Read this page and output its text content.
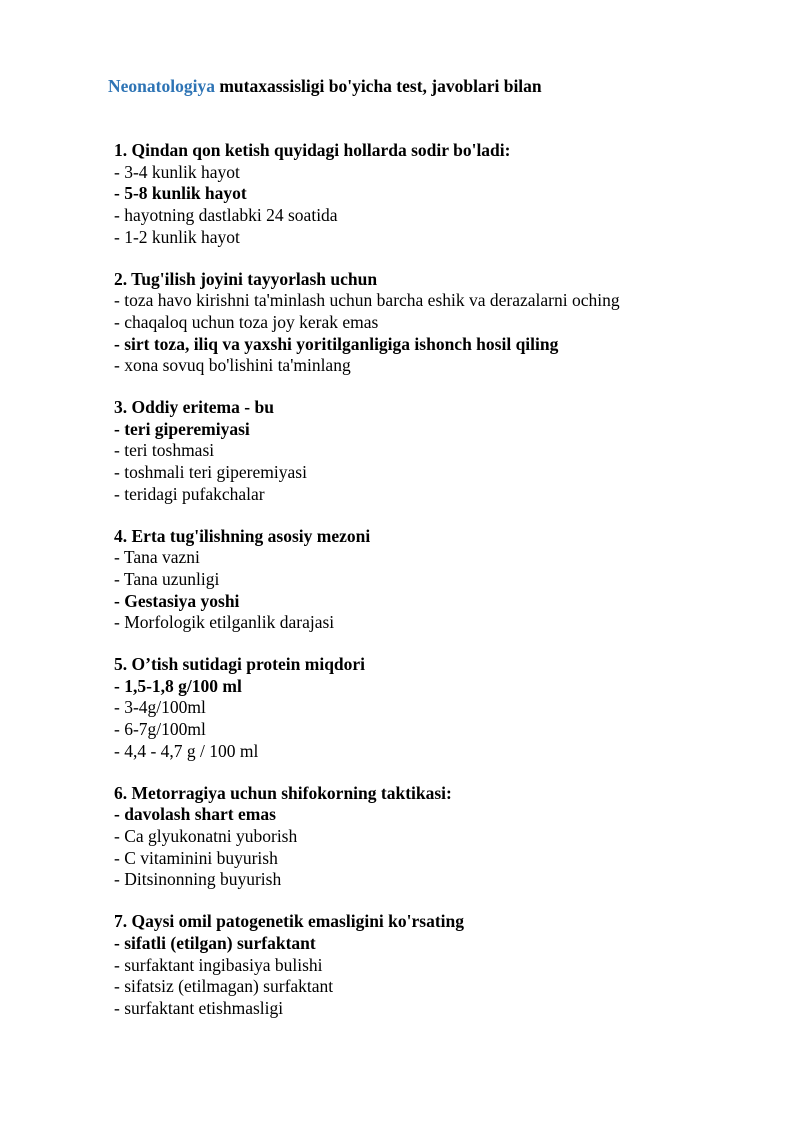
Neonatologiya mutaxassisligi bo'yicha test, javoblari bilan
1. Qindan qon ketish quyidagi hollarda sodir bo'ladi:
- 3-4 kunlik hayot
- 5-8 kunlik hayot
- hayotning dastlabki 24 soatida
- 1-2 kunlik hayot
2. Tug'ilish joyini tayyorlash uchun
- toza havo kirishni ta'minlash uchun barcha eshik va derazalarni oching
- chaqaloq uchun toza joy kerak emas
- sirt toza, iliq va yaxshi yoritilganligiga ishonch hosil qiling
- xona sovuq bo'lishini ta'minlang
3. Oddiy eritema - bu
- teri giperemiyasi
- teri toshmasi
- toshmali teri giperemiyasi
- teridagi pufakchalar
4. Erta tug'ilishning asosiy mezoni
- Tana vazni
- Tana uzunligi
- Gestasiya yoshi
- Morfologik etilganlik darajasi
5. O’tish sutidagi protein miqdori
- 1,5-1,8 g/100 ml
- 3-4g/100ml
- 6-7g/100ml
- 4,4 - 4,7 g / 100 ml
6. Metorragiya uchun shifokorning taktikasi:
- davolash shart emas
- Ca glyukonatni yuborish
- C vitaminini buyurish
- Ditsinonning buyurish
7. Qaysi omil patogenetik emasligini ko'rsating
- sifatli (etilgan) surfaktant
- surfaktant ingibasiya bulishi
- sifatsiz (etilmagan) surfaktant
- surfaktant etishmasligi
